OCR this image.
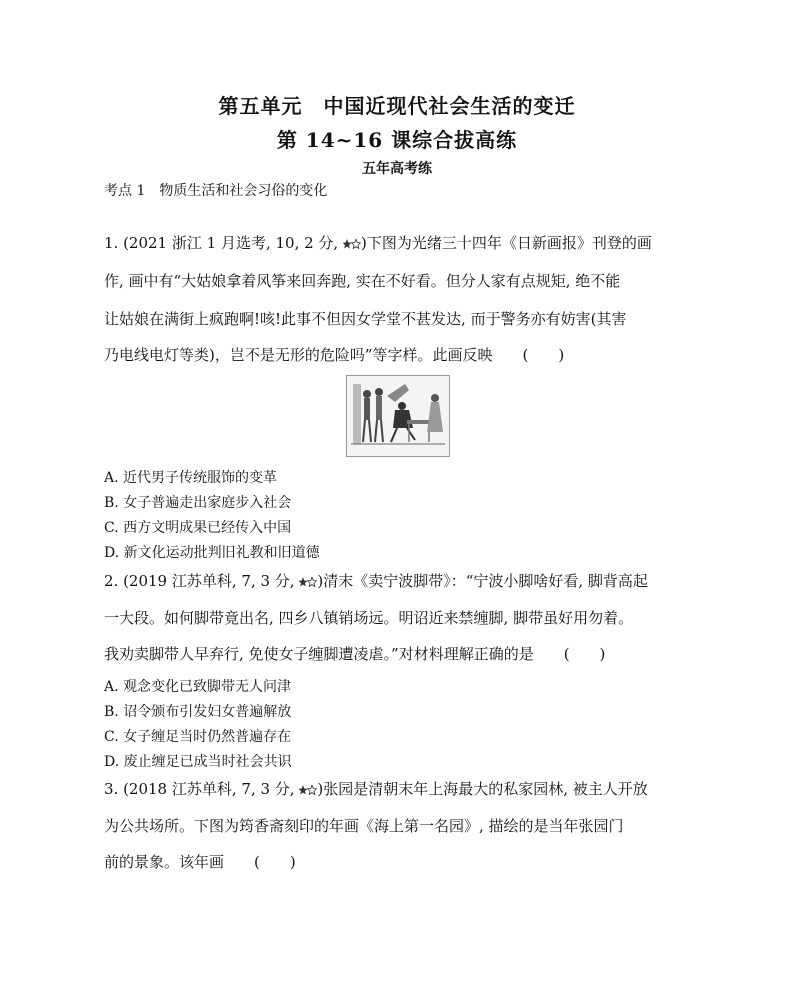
第五单元　中国近现代社会生活的变迁
第 14~16 课综合拔高练
五年高考练
考点 1　物质生活和社会习俗的变化
1. (2021 浙江 1 月选考, 10, 2 分, )下图为光绪三十四年《日新画报》刊登的画
作, 画中有“大姑娘拿着风筝来回奔跑, 实在不好看。但分人家有点规矩, 绝不能
让姑娘在满街上疯跑啊!咳!此事不但因女学堂不甚发达, 而于警务亦有妨害(其害
乃电线电灯等类)，岂不是无形的危险吗”等字样。此画反映　　(　　)
A. 近代男子传统服饰的变革
B. 女子普遍走出家庭步入社会
C. 西方文明成果已经传入中国
D. 新文化运动批判旧礼教和旧道德
2. (2019 江苏单科, 7, 3 分, )清末《卖宁波脚带》：“宁波小脚啥好看, 脚背高起
一大段。如何脚带竟出名, 四乡八镇销场远。明诏近来禁缠脚, 脚带虽好用勿着。
我劝卖脚带人早弃行, 免使女子缠脚遭凌虐。”对材料理解正确的是　　(　　)
A. 观念变化已致脚带无人问津
B. 诏令颁布引发妇女普遍解放
C. 女子缠足当时仍然普遍存在
D. 废止缠足已成当时社会共识
3. (2018 江苏单科, 7, 3 分, )张园是清朝末年上海最大的私家园林, 被主人开放
为公共场所。下图为筠香斋刻印的年画《海上第一名园》, 描绘的是当年张园门
前的景象。该年画　　(　　)
